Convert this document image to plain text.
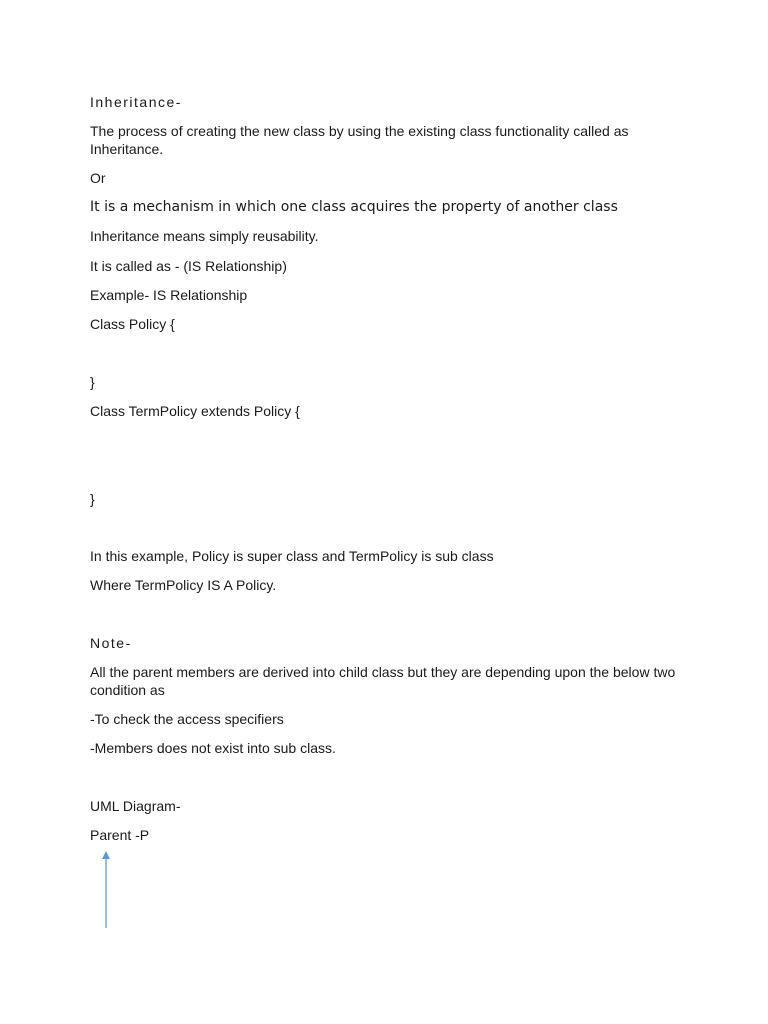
Inheritance-

The process of creating the new class by using the existing class functionality called as Inheritance.

Or

It is a mechanism in which one class acquires the property of another class

Inheritance means simply reusability.

It is called as - (IS Relationship)

Example- IS Relationship

Class Policy {

}

Class TermPolicy extends Policy {

}

In this example, Policy is super class and TermPolicy is sub class

Where TermPolicy IS A Policy.

Note-

All the parent members are derived into child class but they are depending upon the below two condition as

-To check the access specifiers

-Members does not exist into sub class.

UML Diagram-

Parent -P
